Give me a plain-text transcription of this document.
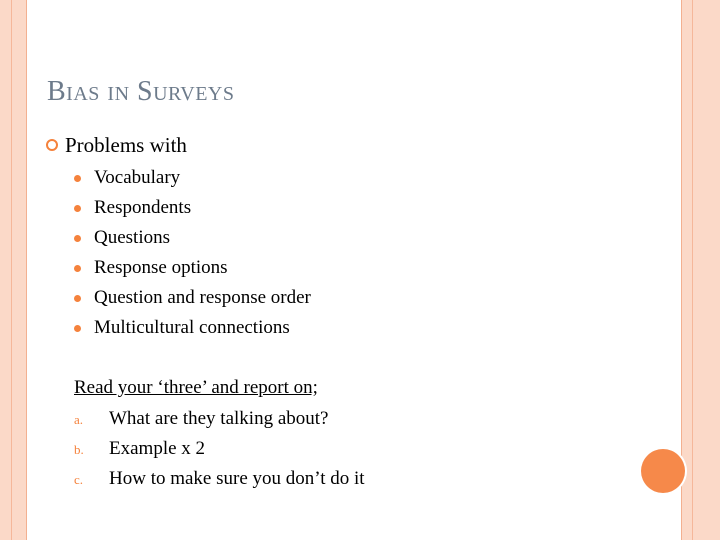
Bias in Surveys
Problems with
Vocabulary
Respondents
Questions
Response options
Question and response order
Multicultural connections
Read your ‘three’ and report on;
a. What are they talking about?
b. Example x 2
c. How to make sure you don’t do it
